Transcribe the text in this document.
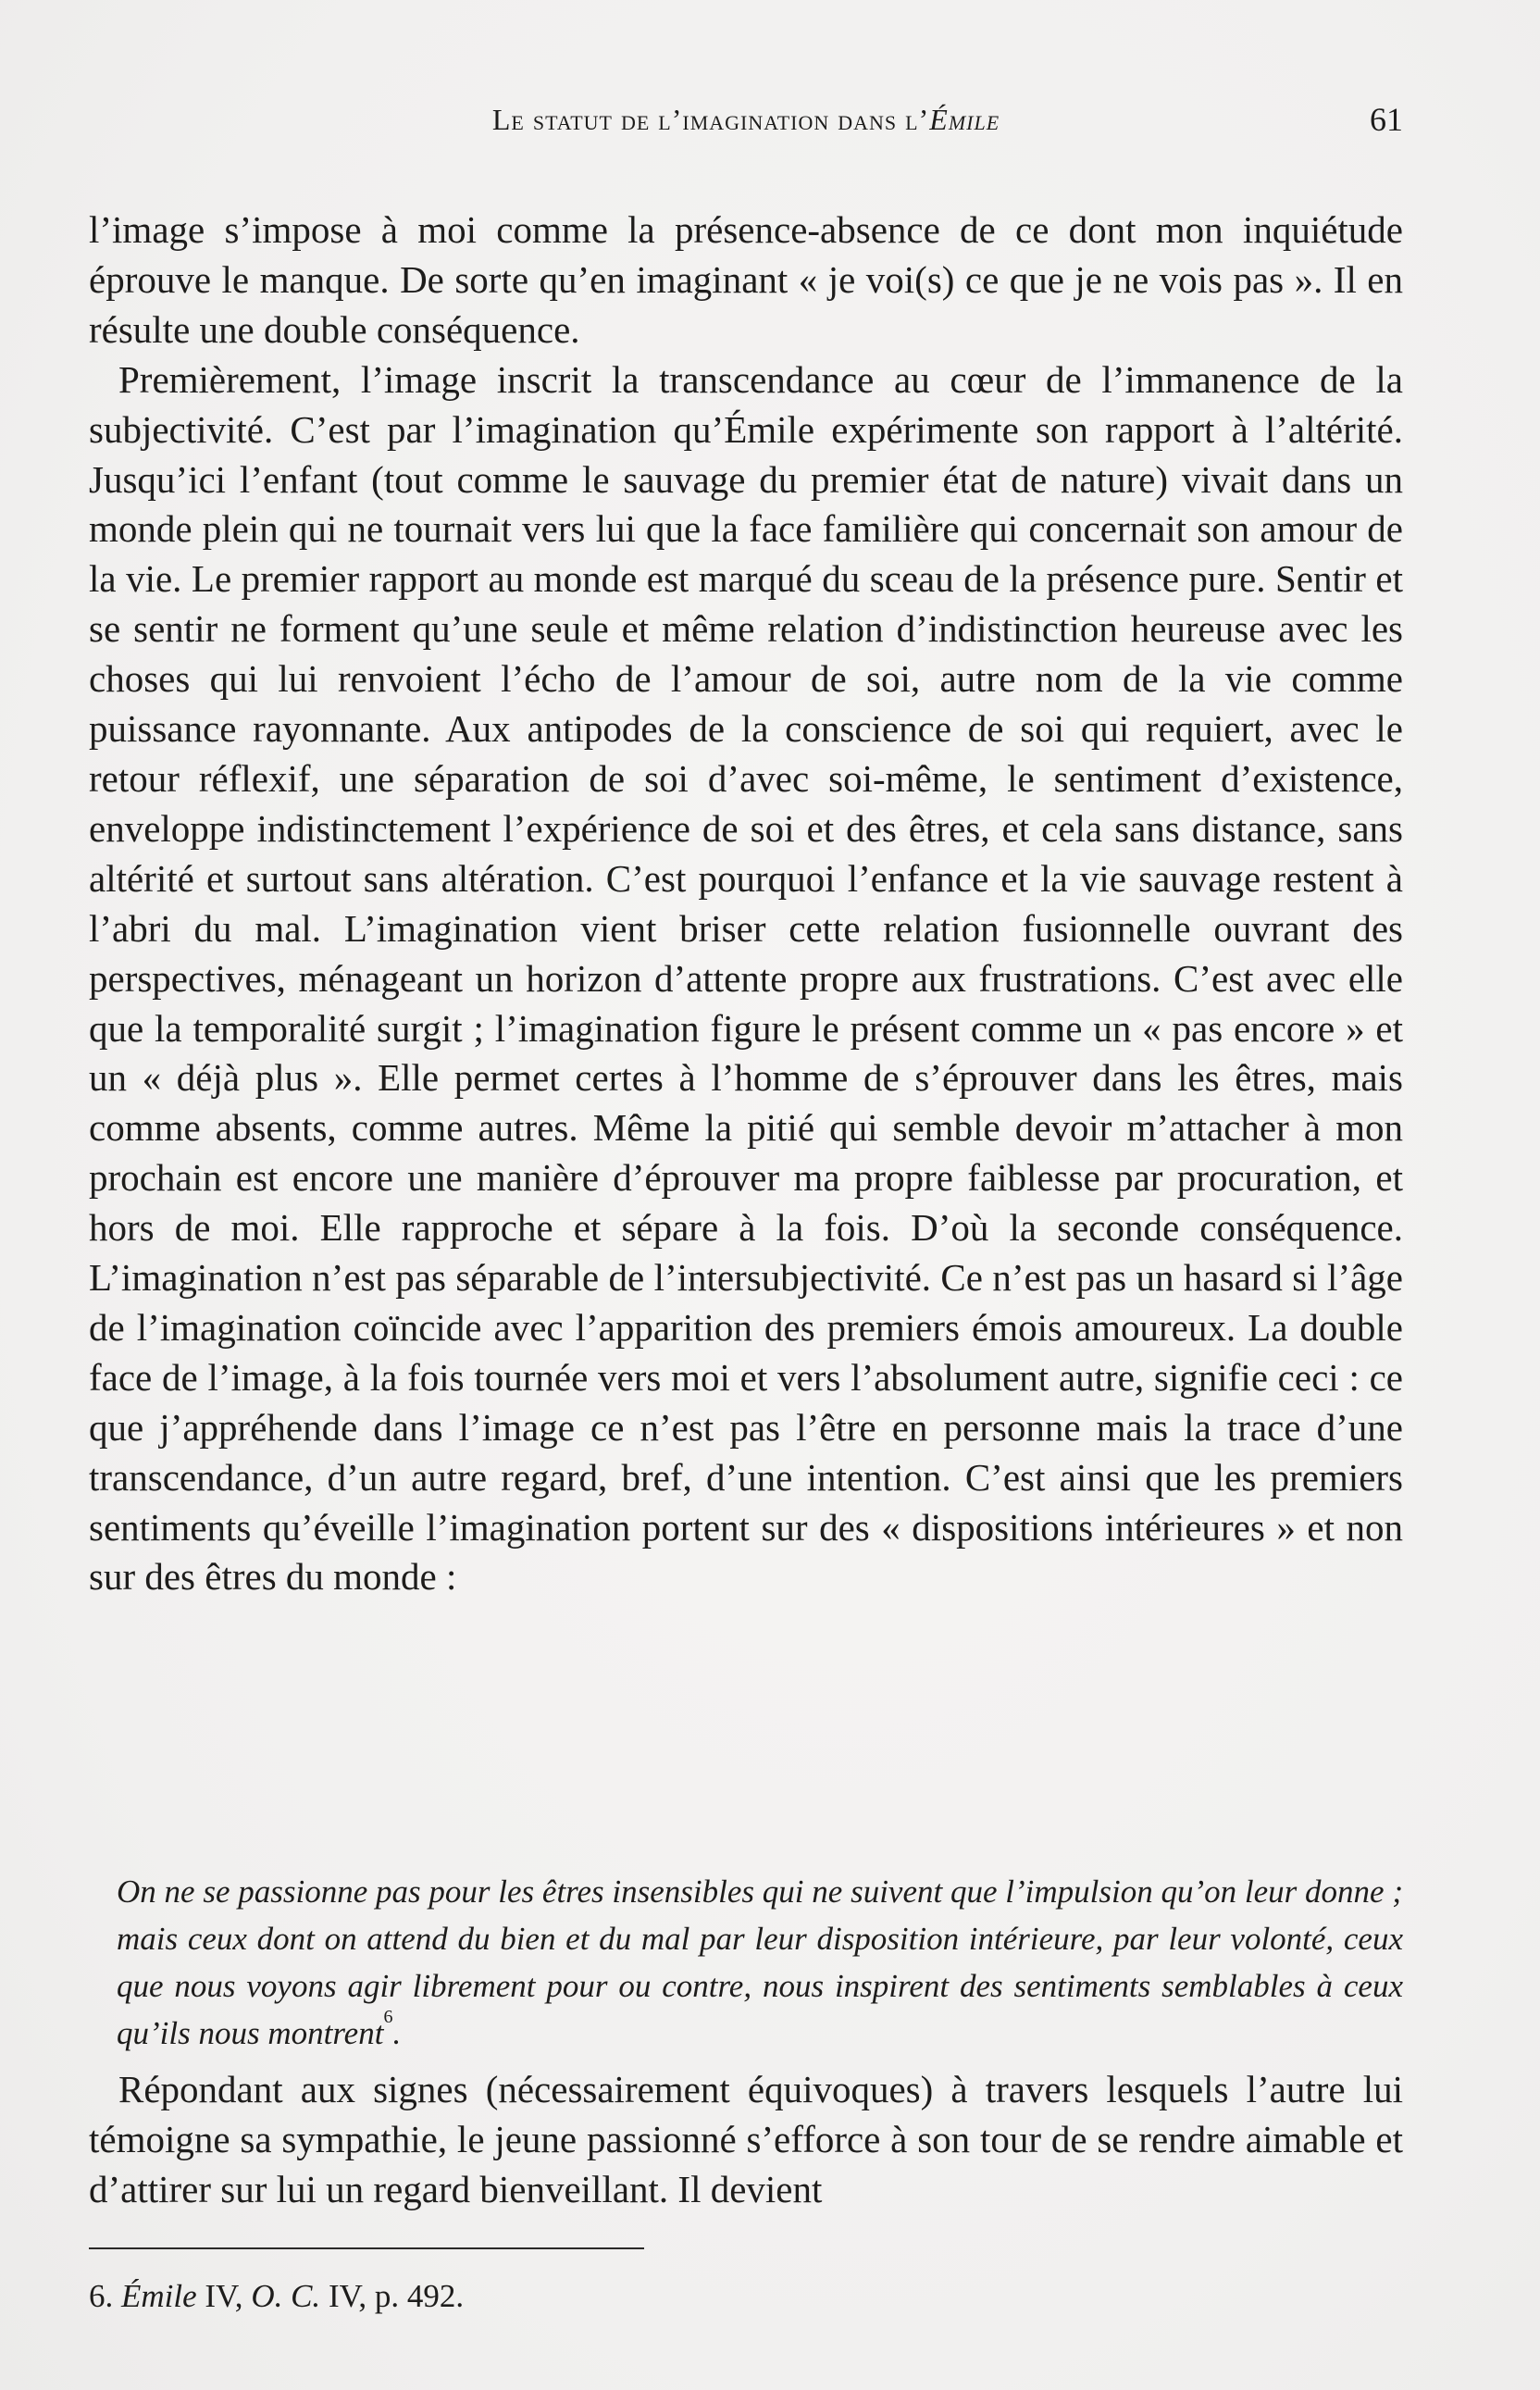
Le statut de l’imagination dans l’Émile	61

l’image s’impose à moi comme la présence-absence de ce dont mon inquiétude éprouve le manque. De sorte qu’en imaginant « je voi(s) ce que je ne vois pas ». Il en résulte une double conséquence.

Premièrement, l’image inscrit la transcendance au cœur de l’immanence de la subjectivité. C’est par l’imagination qu’Émile expérimente son rapport à l’altérité. Jusqu’ici l’enfant (tout comme le sauvage du premier état de nature) vivait dans un monde plein qui ne tournait vers lui que la face familière qui concernait son amour de la vie. Le premier rapport au monde est marqué du sceau de la présence pure. Sentir et se sentir ne forment qu’une seule et même relation d’indistinction heureuse avec les choses qui lui renvoient l’écho de l’amour de soi, autre nom de la vie comme puissance rayonnante. Aux antipodes de la conscience de soi qui requiert, avec le retour réflexif, une séparation de soi d’avec soi-même, le sentiment d’existence, enveloppe indistinctement l’expérience de soi et des êtres, et cela sans distance, sans altérité et surtout sans altération. C’est pourquoi l’enfance et la vie sauvage restent à l’abri du mal. L’imagination vient briser cette relation fusionnelle ouvrant des perspectives, ménageant un horizon d’attente propre aux frustrations. C’est avec elle que la temporalité surgit ; l’imagination figure le présent comme un « pas encore » et un « déjà plus ». Elle permet certes à l’homme de s’éprouver dans les êtres, mais comme absents, comme autres. Même la pitié qui semble devoir m’attacher à mon prochain est encore une manière d’éprouver ma propre faiblesse par procuration, et hors de moi. Elle rapproche et sépare à la fois. D’où la seconde conséquence. L’imagination n’est pas séparable de l’intersubjectivité. Ce n’est pas un hasard si l’âge de l’imagination coïncide avec l’apparition des premiers émois amoureux. La double face de l’image, à la fois tournée vers moi et vers l’absolument autre, signifie ceci : ce que j’appréhende dans l’image ce n’est pas l’être en personne mais la trace d’une transcendance, d’un autre regard, bref, d’une intention. C’est ainsi que les premiers sentiments qu’éveille l’imagination portent sur des « dispositions intérieures » et non sur des êtres du monde :

On ne se passionne pas pour les êtres insensibles qui ne suivent que l’impulsion qu’on leur donne ; mais ceux dont on attend du bien et du mal par leur disposition intérieure, par leur volonté, ceux que nous voyons agir librement pour ou contre, nous inspirent des sentiments semblables à ceux qu’ils nous montrent$^6$.

Répondant aux signes (nécessairement équivoques) à travers lesquels l’autre lui témoigne sa sympathie, le jeune passionné s’efforce à son tour de se rendre aimable et d’attirer sur lui un regard bienveillant. Il devient

6. Émile IV, O. C. IV, p. 492.
